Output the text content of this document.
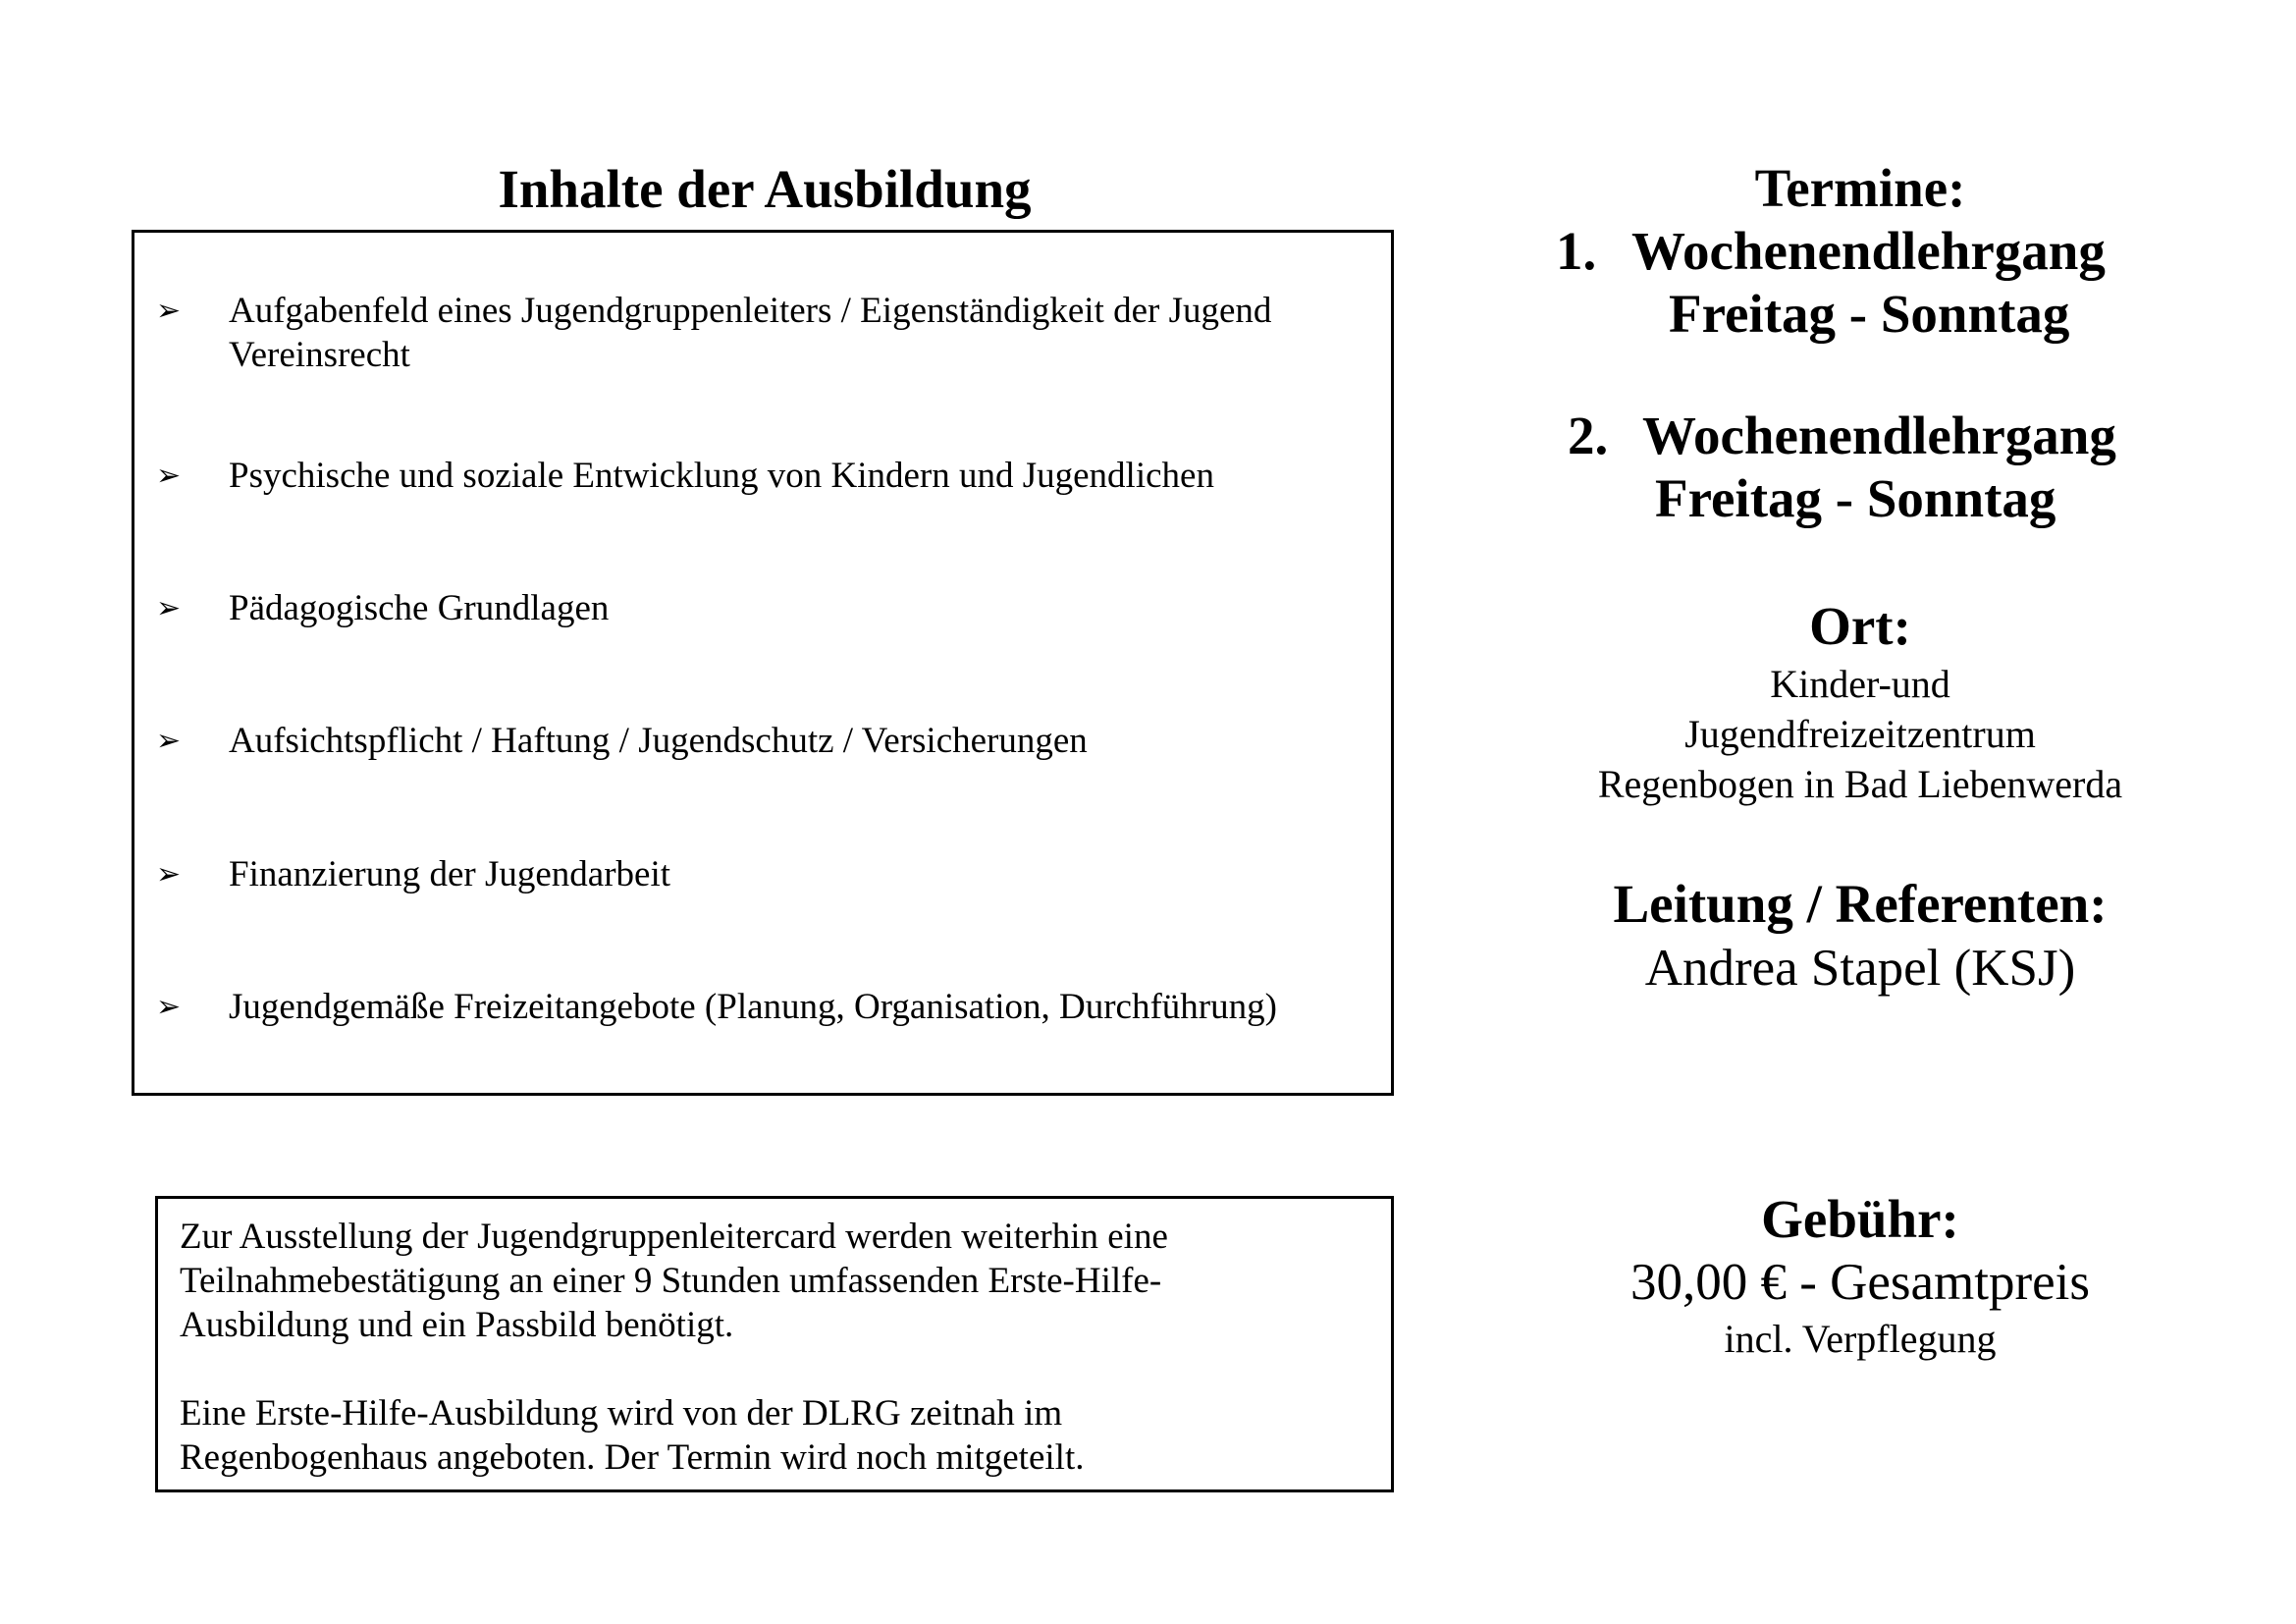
Inhalte der Ausbildung
➢	Aufgabenfeld eines Jugendgruppenleiters / Eigenständigkeit der Jugend
Vereinsrecht
➢	Psychische und soziale Entwicklung von Kindern und Jugendlichen
➢	Pädagogische Grundlagen
➢	Aufsichtspflicht / Haftung / Jugendschutz / Versicherungen
➢	Finanzierung der Jugendarbeit
➢	Jugendgemäße Freizeitangebote (Planung, Organisation, Durchführung)
Zur Ausstellung der Jugendgruppenleitercard werden weiterhin eine
Teilnahmebestätigung an einer 9 Stunden umfassenden Erste-Hilfe-
Ausbildung und ein Passbild benötigt.
Eine Erste-Hilfe-Ausbildung wird von der DLRG zeitnah im
Regenbogenhaus angeboten. Der Termin wird noch mitgeteilt.
Termine:
1. Wochenendlehrgang
Freitag - Sonntag
2. Wochenendlehrgang
Freitag - Sonntag
Ort:
Kinder-und
Jugendfreizeitzentrum
Regenbogen in Bad Liebenwerda
Leitung / Referenten:
Andrea Stapel (KSJ)
Gebühr:
30,00 € - Gesamtpreis
incl. Verpflegung
